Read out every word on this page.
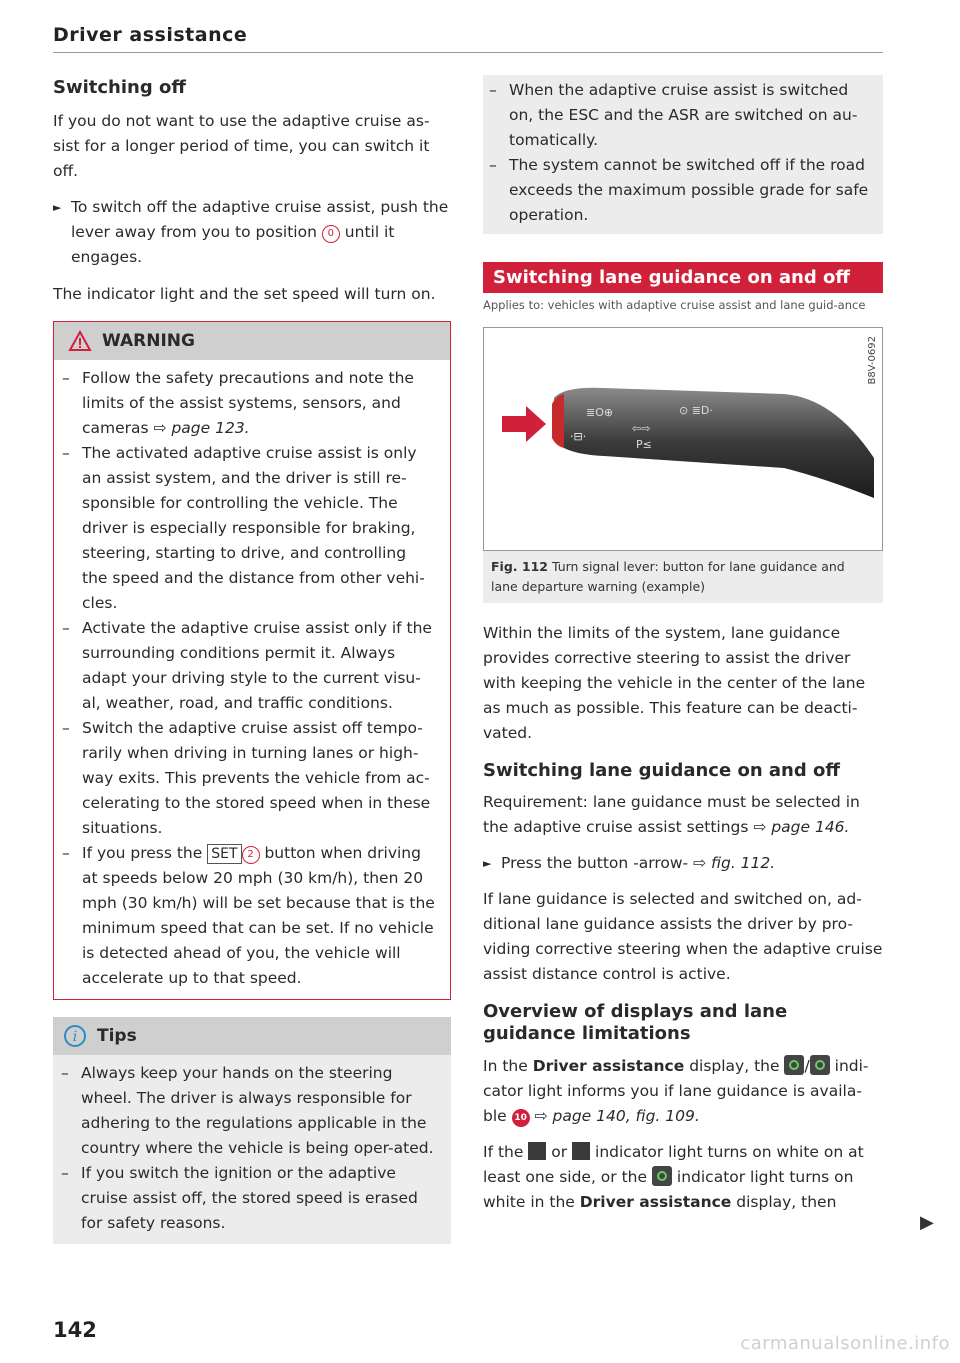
Driver assistance
Switching off

If you do not want to use the adaptive cruise as-sist for a longer period of time, you can switch it off.

► To switch off the adaptive cruise assist, push the lever away from you to position 0 until it engages.

The indicator light and the set speed will turn on.

WARNING
– Follow the safety precautions and note the limits of the assist systems, sensors, and cameras ⇨ page 123.
– The activated adaptive cruise assist is only an assist system, and the driver is still re-sponsible for controlling the vehicle. The driver is especially responsible for braking, steering, starting to drive, and controlling the speed and the distance from other vehi-cles.
– Activate the adaptive cruise assist only if the surrounding conditions permit it. Always adapt your driving style to the current visu-al, weather, road, and traffic conditions.
– Switch the adaptive cruise assist off tempo-rarily when driving in turning lanes or high-way exits. This prevents the vehicle from ac-celerating to the stored speed when in these situations.
– If you press the SET 2 button when driving at speeds below 20 mph (30 km/h), then 20 mph (30 km/h) will be set because that is the minimum speed that can be set. If no vehicle is detected ahead of you, the vehicle will accelerate up to that speed.
i Tips
– Always keep your hands on the steering wheel. The driver is always responsible for adhering to the regulations applicable in the country where the vehicle is being oper-ated.
– If you switch the ignition or the adaptive cruise assist off, the stored speed is erased for safety reasons.
– When the adaptive cruise assist is switched on, the ESC and the ASR are switched on au-tomatically.
– The system cannot be switched off if the road exceeds the maximum possible grade for safe operation.
Switching lane guidance on and off
Applies to: vehicles with adaptive cruise assist and lane guid-ance
≣O⊕	⊙ ≣D·
·⊟·
⇦⇨
P≤
B8V-0692
Fig. 112 Turn signal lever: button for lane guidance and lane departure warning (example)

Within the limits of the system, lane guidance provides corrective steering to assist the driver with keeping the vehicle in the center of the lane as much as possible. This feature can be deacti-vated.

Switching lane guidance on and off

Requirement: lane guidance must be selected in the adaptive cruise assist settings ⇨ page 146.

► Press the button -arrow- ⇨ fig. 112.

If lane guidance is selected and switched on, ad-ditional lane guidance assists the driver by pro-viding corrective steering when the adaptive cruise assist distance control is active.

Overview of displays and lane guidance limitations

In the Driver assistance display, the / indi-cator light informs you if lane guidance is availa-ble 10 ⇨ page 140, fig. 109.

If the or indicator light turns on white on at least one side, or the indicator light turns on white in the Driver assistance display, then

▶
142
carmanualsonline.info
